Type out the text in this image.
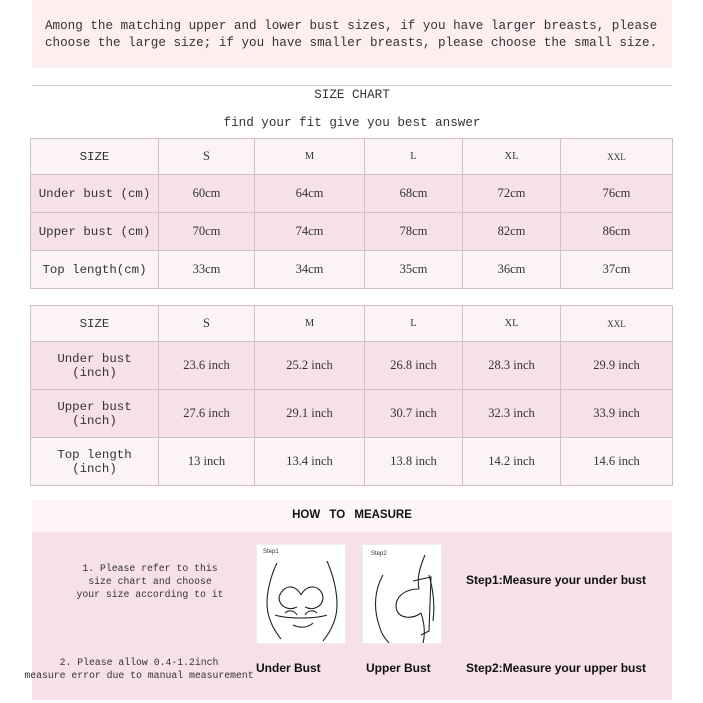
Among the matching upper and lower bust sizes, if you have larger breasts, please
choose the large size; if you have smaller breasts, please choose the small size.
SIZE CHART
find your fit give you best answer
SIZE	S	M	L	XL	XXL
Under bust (cm)	60cm	64cm	68cm	72cm	76cm
Upper bust (cm)	70cm	74cm	78cm	82cm	86cm
Top length(cm)	33cm	34cm	35cm	36cm	37cm
SIZE	S	M	L	XL	XXL

Under bust
(inch)	23.6 inch	25.2 inch	26.8 inch	28.3 inch	29.9 inch

Upper bust
(inch)	27.6 inch	29.1 inch	30.7 inch	32.3 inch	33.9 inch

Top length
(inch)	13 inch	13.4 inch	13.8 inch	14.2 inch	14.6 inch
HOW TO MEASURE
1. Please refer to this
size chart and choose
your size according to it
2. Please allow 0.4-1.2inch
measure error due to manual measurement
Step1	Step2
Under Bust	Upper Bust
Step1:Measure your under bust
Step2:Measure your upper bust
